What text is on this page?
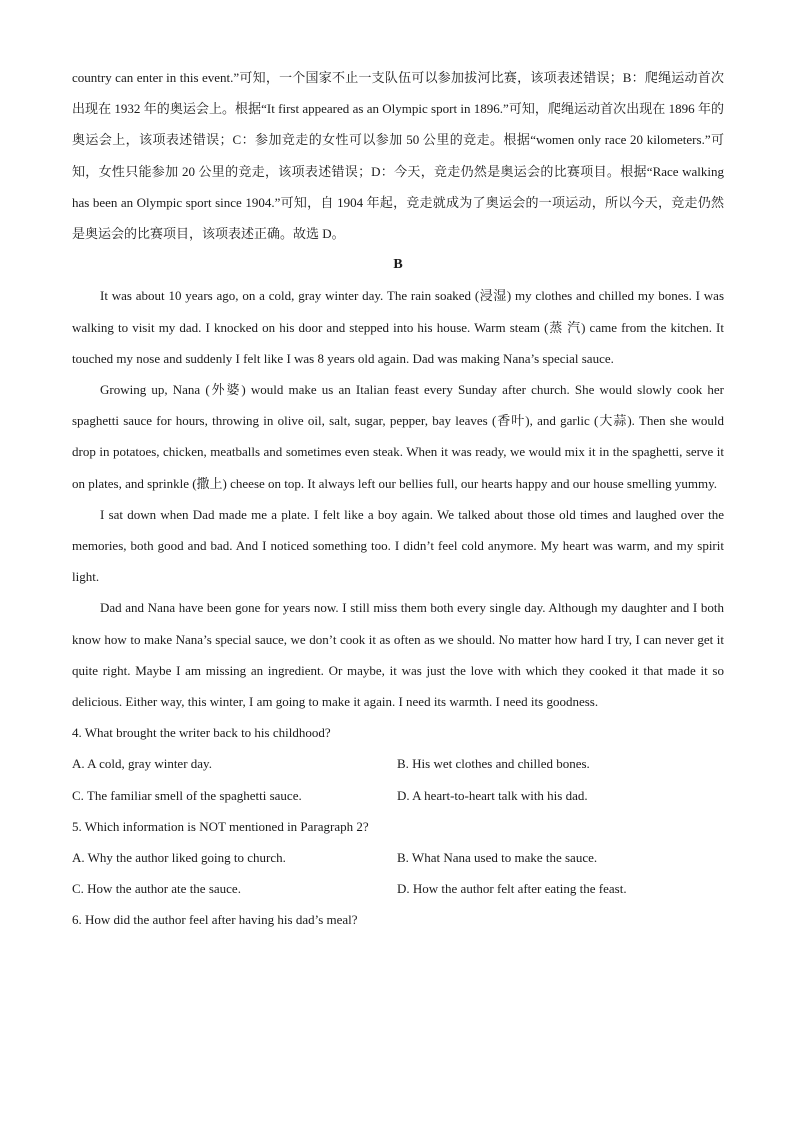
country can enter in this event.”可知，一个国家不止一支队伍可以参加拔河比赛，该项表述错误；B：爬绳运动首次出现在 1932 年的奥运会上。根据“It first appeared as an Olympic sport in 1896.”可知，爬绳运动首次出现在 1896 年的奥运会上，该项表述错误；C：参加竞走的女性可以参加 50 公里的竞走。根据“women only race 20 kilometers.”可知，女性只能参加 20 公里的竞走，该项表述错误；D：今天，竞走仍然是奥运会的比赛项目。根据“Race walking has been an Olympic sport since 1904.”可知，自 1904 年起，竞走就成为了奥运会的一项运动，所以今天，竞走仍然是奥运会的比赛项目，该项表述正确。故选 D。

B

It was about 10 years ago, on a cold, gray winter day. The rain soaked (浸湿) my clothes and chilled my bones. I was walking to visit my dad. I knocked on his door and stepped into his house. Warm steam (蒸 汽) came from the kitchen. It touched my nose and suddenly I felt like I was 8 years old again. Dad was making Nana’s special sauce.

Growing up, Nana (外婆) would make us an Italian feast every Sunday after church. She would slowly cook her spaghetti sauce for hours, throwing in olive oil, salt, sugar, pepper, bay leaves (香叶), and garlic (大蒜). Then she would drop in potatoes, chicken, meatballs and sometimes even steak. When it was ready, we would mix it in the spaghetti, serve it on plates, and sprinkle (撒上) cheese on top. It always left our bellies full, our hearts happy and our house smelling yummy.

I sat down when Dad made me a plate. I felt like a boy again. We talked about those old times and laughed over the memories, both good and bad. And I noticed something too. I didn’t feel cold anymore. My heart was warm, and my spirit light.

Dad and Nana have been gone for years now. I still miss them both every single day. Although my daughter and I both know how to make Nana’s special sauce, we don’t cook it as often as we should. No matter how hard I try, I can never get it quite right. Maybe I am missing an ingredient. Or maybe, it was just the love with which they cooked it that made it so delicious. Either way, this winter, I am going to make it again. I need its warmth. I need its goodness.

4. What brought the writer back to his childhood?

A. A cold, gray winter day.	B. His wet clothes and chilled bones.

C. The familiar smell of the spaghetti sauce.	D. A heart-to-heart talk with his dad.

5. Which information is NOT mentioned in Paragraph 2?

A. Why the author liked going to church.	B. What Nana used to make the sauce.

C. How the author ate the sauce.	D. How the author felt after eating the feast.

6. How did the author feel after having his dad’s meal?
